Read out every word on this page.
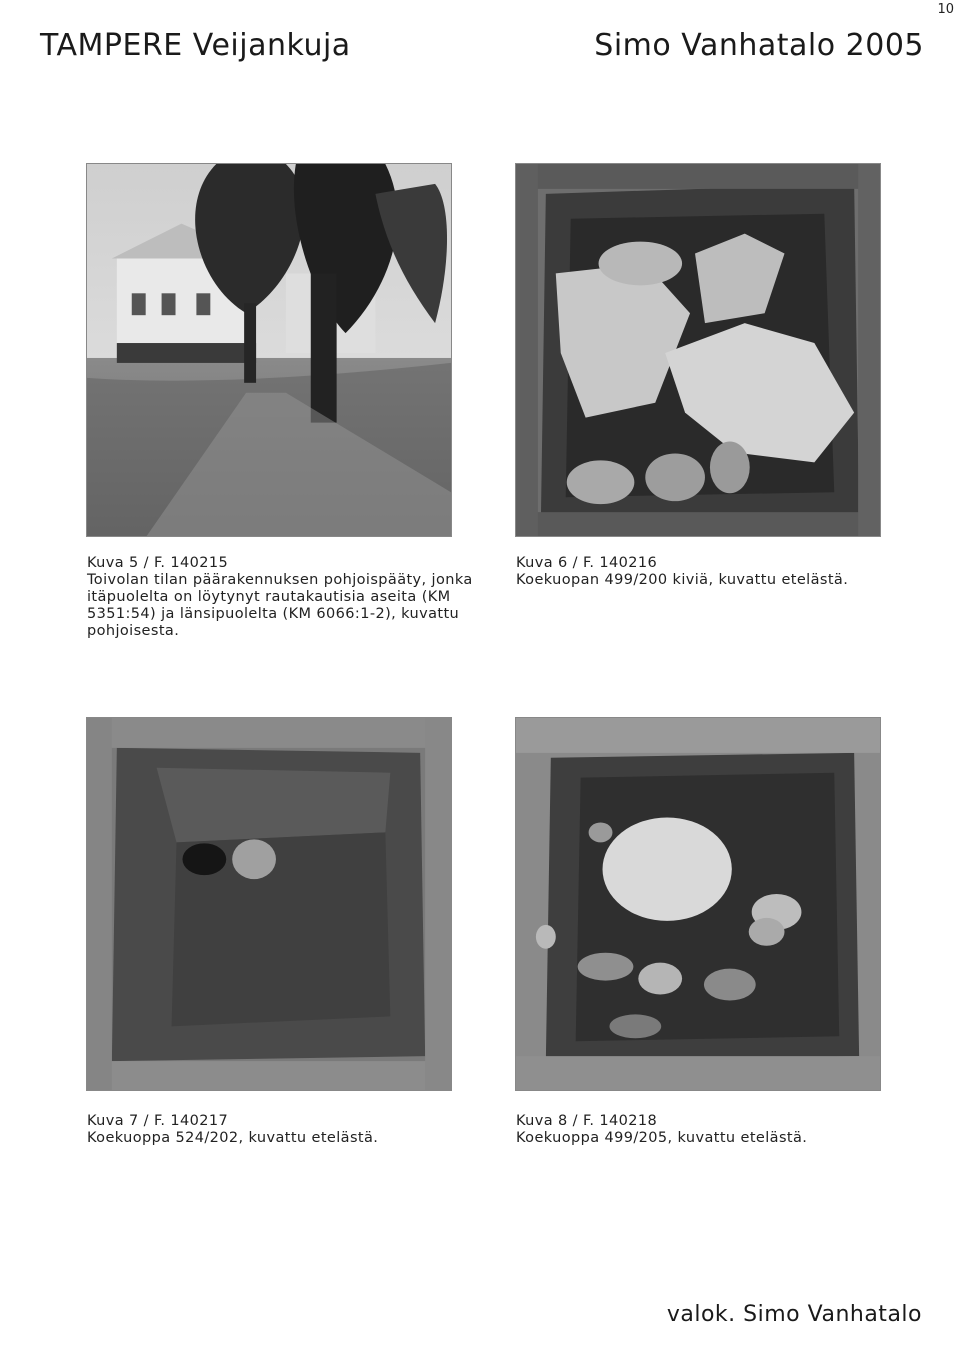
10
TAMPERE Veijankuja	Simo Vanhatalo 2005
Kuva 5 / F. 140215
Toivolan tilan päärakennuksen pohjoispääty, jonka
itäpuolelta on löytynyt rautakautisia aseita (KM
5351:54) ja länsipuolelta (KM 6066:1-2), kuvattu
pohjoisesta.
Kuva 6 / F. 140216
Koekuopan 499/200 kiviä, kuvattu etelästä.
Kuva 7 / F. 140217
Koekuoppa 524/202, kuvattu etelästä.
Kuva 8 / F. 140218
Koekuoppa 499/205, kuvattu etelästä.
valok. Simo Vanhatalo
